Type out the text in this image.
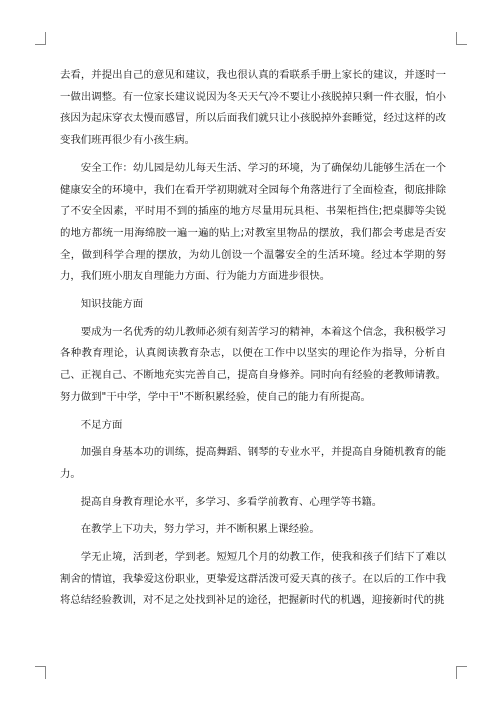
去看，并提出自己的意见和建议，我也很认真的看联系手册上家长的建议，并逐时一一做出调整。有一位家长建议说因为冬天天气冷不要让小孩脱掉只剩一件衣服，怕小孩因为起床穿衣太慢而感冒，所以后面我们就只让小孩脱掉外套睡觉，经过这样的改变我们班再很少有小孩生病。

安全工作：幼儿园是幼儿每天生活、学习的环境，为了确保幼儿能够生活在一个健康安全的环境中，我们在看开学初期就对全园每个角落进行了全面检查，彻底排除了不安全因素，平时用不到的插座的地方尽量用玩具柜、书架柜挡住;把桌脚等尖锐的地方都统一用海绵胶一遍一遍的贴上;对教室里物品的摆放，我们都会考虑是否安全，做到科学合理的摆放，为幼儿创设一个温馨安全的生活环境。经过本学期的努力，我们班小朋友自理能力方面、行为能力方面进步很快。

知识技能方面

要成为一名优秀的幼儿教师必须有刻苦学习的精神，本着这个信念，我积极学习各种教育理论，认真阅读教育杂志，以便在工作中以坚实的理论作为指导，分析自己、正视自己、不断地充实完善自己，提高自身修养。同时向有经验的老教师请教。努力做到"干中学，学中干"不断积累经验，使自己的能力有所提高。

不足方面

加强自身基本功的训练，提高舞蹈、钢琴的专业水平，并提高自身随机教育的能力。

提高自身教育理论水平，多学习、多看学前教育、心理学等书籍。

在教学上下功夫，努力学习，并不断积累上课经验。

学无止境，活到老，学到老。短短几个月的幼教工作，使我和孩子们结下了难以割舍的情谊，我挚爱这份职业，更挚爱这群活泼可爱天真的孩子。在以后的工作中我将总结经验教训，对不足之处找到补足的途径，把握新时代的机遇，迎接新时代的挑
